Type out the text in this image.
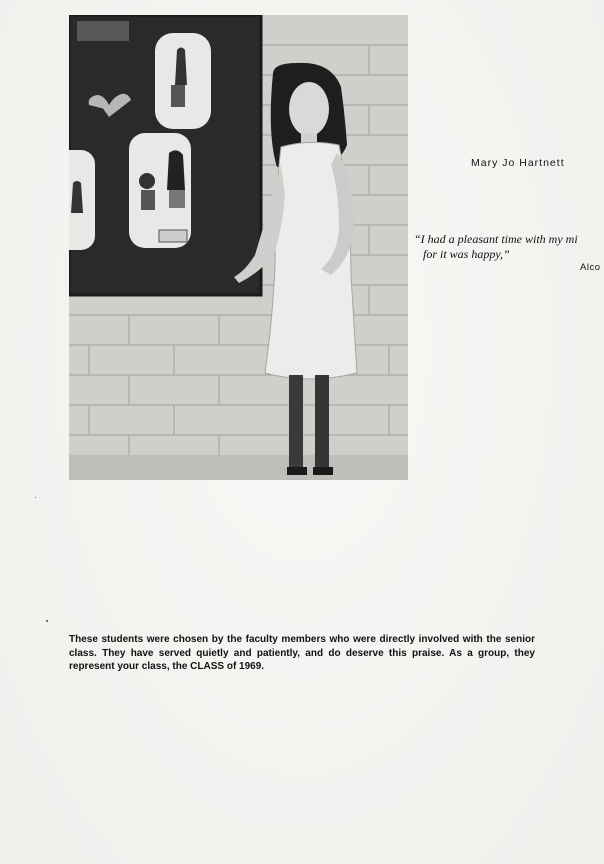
Mary Jo Hartnett
“I had a pleasant time with my mi
for it was happy,”
Alco
These students were chosen by the faculty members who were directly involved with the senior class. They have served quietly and patiently, and do deserve this praise. As a group, they represent your class, the CLASS of 1969.
